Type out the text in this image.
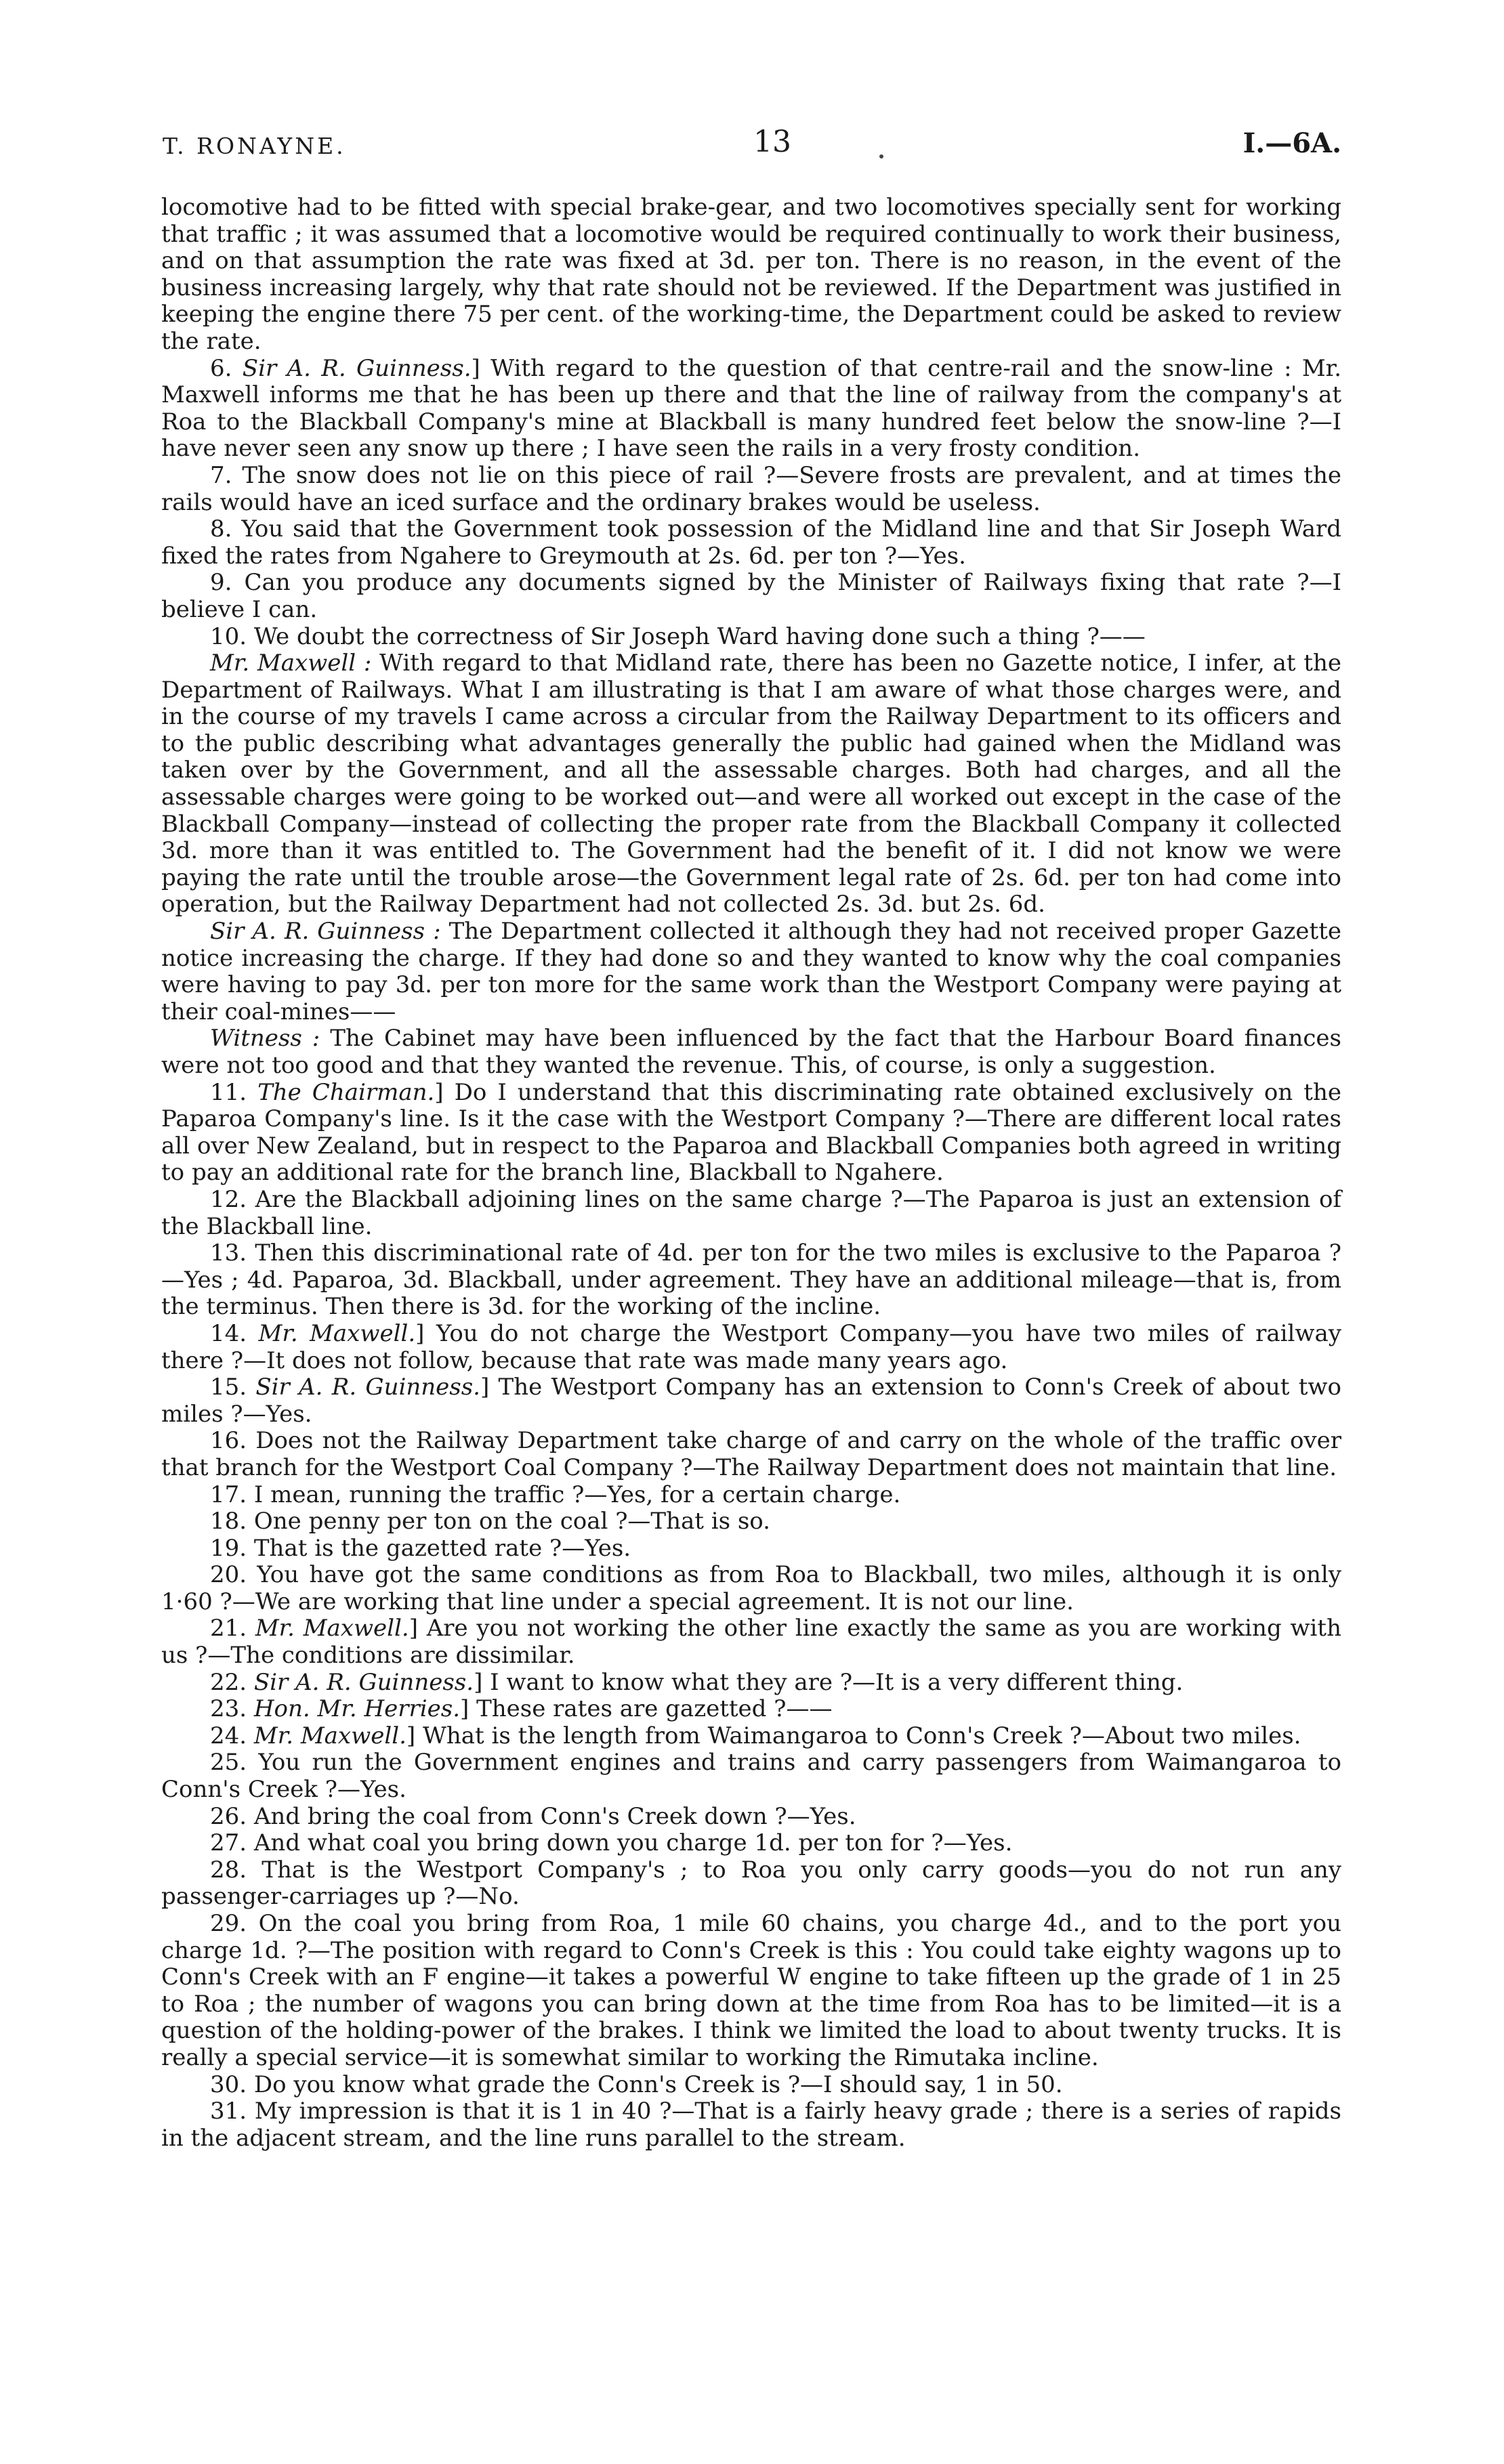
T. RONAYNE.	13	I.—6A.

locomotive had to be fitted with special brake-gear, and two locomotives specially sent for working that traffic ; it was assumed that a locomotive would be required continually to work their business, and on that assumption the rate was fixed at 3d. per ton. There is no reason, in the event of the business increasing largely, why that rate should not be reviewed. If the Department was justified in keeping the engine there 75 per cent. of the working-time, the Department could be asked to review the rate.

6. Sir A. R. Guinness.] With regard to the question of that centre-rail and the snow-line : Mr. Maxwell informs me that he has been up there and that the line of railway from the company's at Roa to the Blackball Company's mine at Blackball is many hundred feet below the snow-line ?—I have never seen any snow up there ; I have seen the rails in a very frosty condition.

7. The snow does not lie on this piece of rail ?—Severe frosts are prevalent, and at times the rails would have an iced surface and the ordinary brakes would be useless.

8. You said that the Government took possession of the Midland line and that Sir Joseph Ward fixed the rates from Ngahere to Greymouth at 2s. 6d. per ton ?—Yes.

9. Can you produce any documents signed by the Minister of Railways fixing that rate ?—I believe I can.

10. We doubt the correctness of Sir Joseph Ward having done such a thing ?——

Mr. Maxwell : With regard to that Midland rate, there has been no Gazette notice, I infer, at the Department of Railways. What I am illustrating is that I am aware of what those charges were, and in the course of my travels I came across a circular from the Railway Department to its officers and to the public describing what advantages generally the public had gained when the Midland was taken over by the Government, and all the assessable charges. Both had charges, and all the assessable charges were going to be worked out—and were all worked out except in the case of the Blackball Company—instead of collecting the proper rate from the Blackball Company it collected 3d. more than it was entitled to. The Government had the benefit of it. I did not know we were paying the rate until the trouble arose—the Government legal rate of 2s. 6d. per ton had come into operation, but the Railway Department had not collected 2s. 3d. but 2s. 6d.

Sir A. R. Guinness : The Department collected it although they had not received proper Gazette notice increasing the charge. If they had done so and they wanted to know why the coal companies were having to pay 3d. per ton more for the same work than the Westport Company were paying at their coal-mines——

Witness : The Cabinet may have been influenced by the fact that the Harbour Board finances were not too good and that they wanted the revenue. This, of course, is only a suggestion.

11. The Chairman.] Do I understand that this discriminating rate obtained exclusively on the Paparoa Company's line. Is it the case with the Westport Company ?—There are different local rates all over New Zealand, but in respect to the Paparoa and Blackball Companies both agreed in writing to pay an additional rate for the branch line, Blackball to Ngahere.

12. Are the Blackball adjoining lines on the same charge ?—The Paparoa is just an extension of the Blackball line.

13. Then this discriminational rate of 4d. per ton for the two miles is exclusive to the Paparoa ?—Yes ; 4d. Paparoa, 3d. Blackball, under agreement. They have an additional mileage—that is, from the terminus. Then there is 3d. for the working of the incline.

14. Mr. Maxwell.] You do not charge the Westport Company—you have two miles of railway there ?—It does not follow, because that rate was made many years ago.

15. Sir A. R. Guinness.] The Westport Company has an extension to Conn's Creek of about two miles ?—Yes.

16. Does not the Railway Department take charge of and carry on the whole of the traffic over that branch for the Westport Coal Company ?—The Railway Department does not maintain that line.

17. I mean, running the traffic ?—Yes, for a certain charge.

18. One penny per ton on the coal ?—That is so.

19. That is the gazetted rate ?—Yes.

20. You have got the same conditions as from Roa to Blackball, two miles, although it is only 1·60 ?—We are working that line under a special agreement. It is not our line.

21. Mr. Maxwell.] Are you not working the other line exactly the same as you are working with us ?—The conditions are dissimilar.

22. Sir A. R. Guinness.] I want to know what they are ?—It is a very different thing.

23. Hon. Mr. Herries.] These rates are gazetted ?——

24. Mr. Maxwell.] What is the length from Waimangaroa to Conn's Creek ?—About two miles.

25. You run the Government engines and trains and carry passengers from Waimangaroa to Conn's Creek ?—Yes.

26. And bring the coal from Conn's Creek down ?—Yes.

27. And what coal you bring down you charge 1d. per ton for ?—Yes.

28. That is the Westport Company's ; to Roa you only carry goods—you do not run any passenger-carriages up ?—No.

29. On the coal you bring from Roa, 1 mile 60 chains, you charge 4d., and to the port you charge 1d. ?—The position with regard to Conn's Creek is this : You could take eighty wagons up to Conn's Creek with an F engine—it takes a powerful W engine to take fifteen up the grade of 1 in 25 to Roa ; the number of wagons you can bring down at the time from Roa has to be limited—it is a question of the holding-power of the brakes. I think we limited the load to about twenty trucks. It is really a special service—it is somewhat similar to working the Rimutaka incline.

30. Do you know what grade the Conn's Creek is ?—I should say, 1 in 50.

31. My impression is that it is 1 in 40 ?—That is a fairly heavy grade ; there is a series of rapids in the adjacent stream, and the line runs parallel to the stream.
